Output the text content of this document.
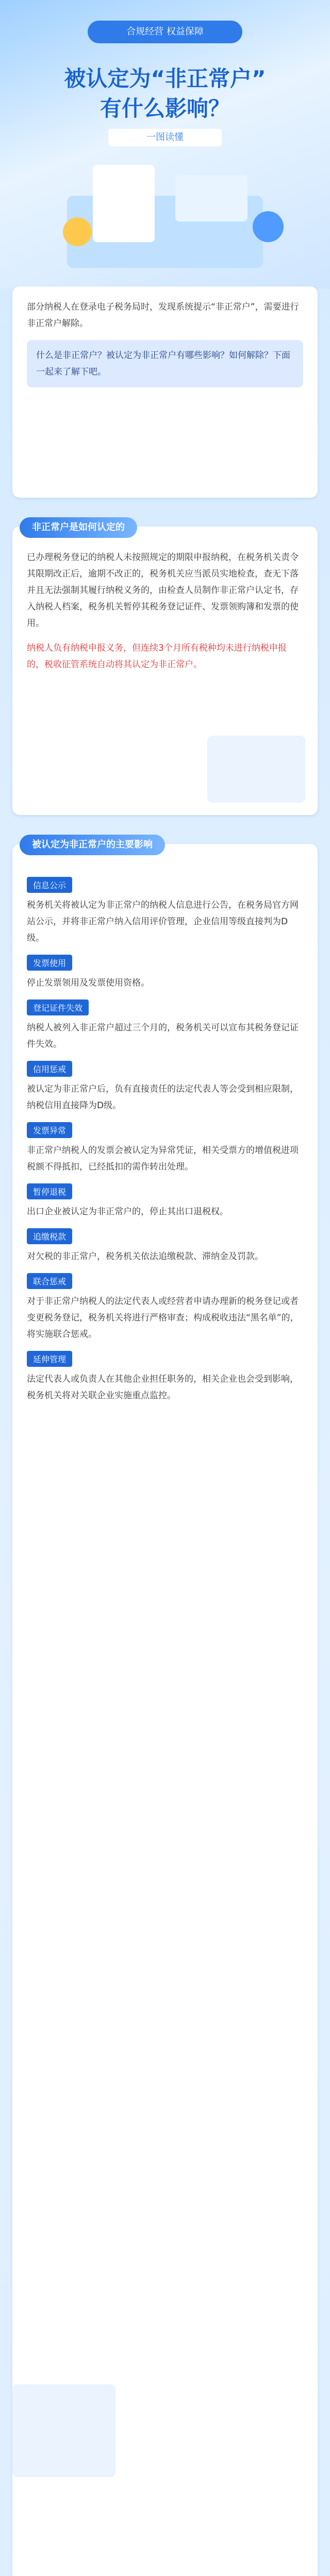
合规经营 权益保障
被认定为“非正常户”
有什么影响？
一图读懂

部分纳税人在登录电子税务局时，发现系统提示“非正常户”，需要进行非正常户解除。

什么是非正常户？被认定为非正常户有哪些影响？如何解除？下面一起来了解下吧。
非正常户是如何认定的

已办理税务登记的纳税人未按照规定的期限申报纳税，在税务机关责令其限期改正后，逾期不改正的，税务机关应当派员实地检查，查无下落并且无法强制其履行纳税义务的，由检查人员制作非正常户认定书，存入纳税人档案，税务机关暂停其税务登记证件、发票领购簿和发票的使用。

纳税人负有纳税申报义务，但连续3个月所有税种均未进行纳税申报的，税收征管系统自动将其认定为非正常户。

被认定为非正常户的主要影响
信息公示
税务机关将被认定为非正常户的纳税人信息进行公告，在税务局官方网站公示，并将非正常户纳入信用评价管理，企业信用等级直接判为D级。
发票使用
停止发票领用及发票使用资格。
登记证件失效
纳税人被列入非正常户超过三个月的，税务机关可以宣布其税务登记证件失效。
信用惩戒
被认定为非正常户后，负有直接责任的法定代表人等会受到相应限制，纳税信用直接降为D级。
发票异常
非正常户纳税人的发票会被认定为异常凭证，相关受票方的增值税进项税额不得抵扣，已经抵扣的需作转出处理。
暂停退税
出口企业被认定为非正常户的，停止其出口退税权。
追缴税款
对欠税的非正常户，税务机关依法追缴税款、滞纳金及罚款。
联合惩戒
对于非正常户纳税人的法定代表人或经营者申请办理新的税务登记或者变更税务登记，税务机关将进行严格审查；构成税收违法“黑名单”的，将实施联合惩戒。
延伸管理
法定代表人或负责人在其他企业担任职务的，相关企业也会受到影响，税务机关将对关联企业实施重点监控。
